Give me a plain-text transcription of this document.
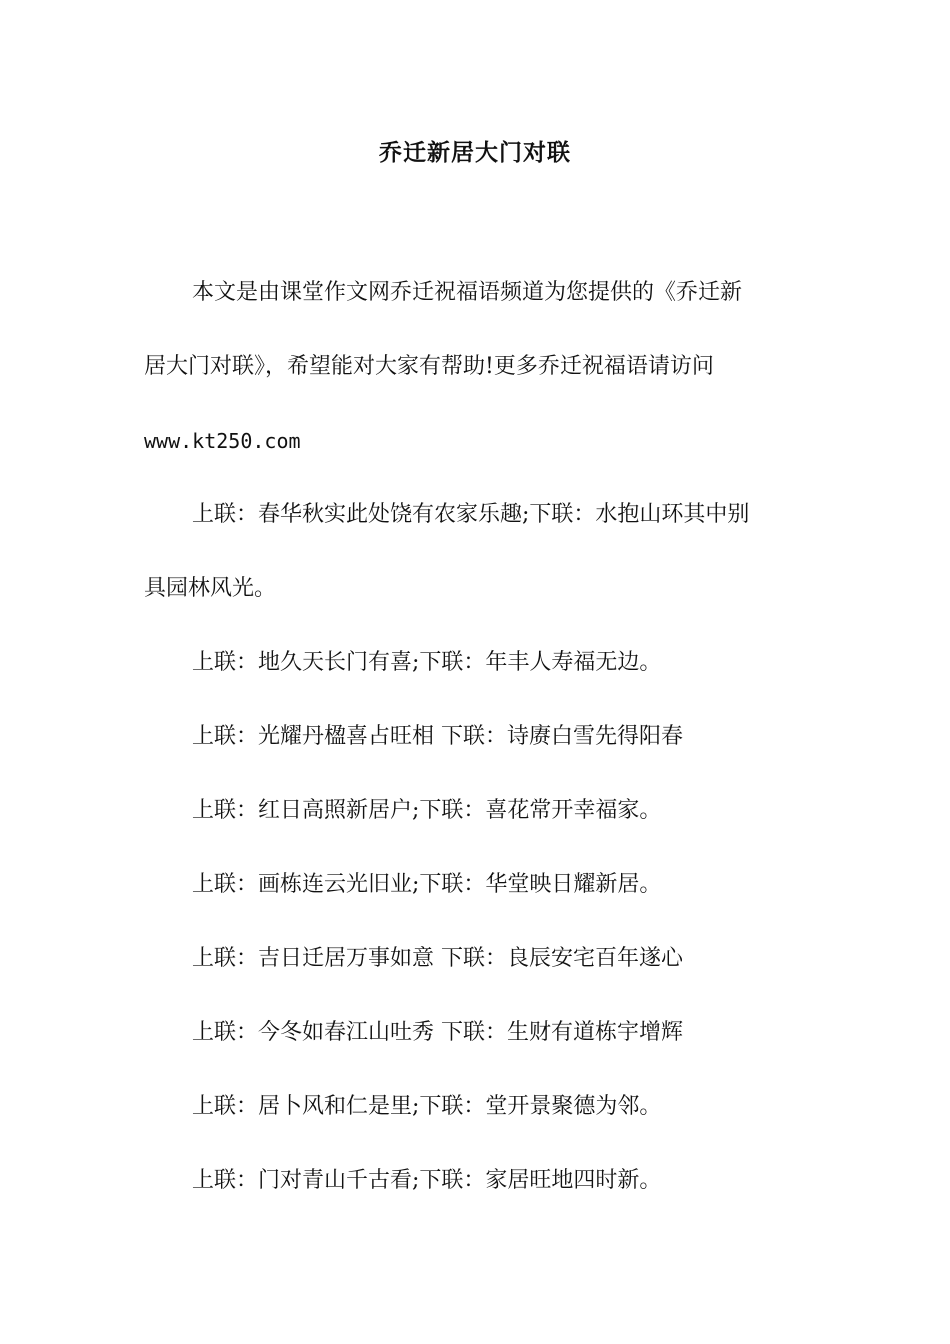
乔迁新居大门对联
本文是由课堂作文网乔迁祝福语频道为您提供的《乔迁新
居大门对联》，希望能对大家有帮助!更多乔迁祝福语请访问
www.kt250.com
上联：春华秋实此处饶有农家乐趣;下联：水抱山环其中别
具园林风光。
上联：地久天长门有喜;下联：年丰人寿福无边。
上联：光耀丹楹喜占旺相 下联：诗赓白雪先得阳春
上联：红日高照新居户;下联：喜花常开幸福家。
上联：画栋连云光旧业;下联：华堂映日耀新居。
上联：吉日迁居万事如意 下联：良辰安宅百年遂心
上联：今冬如春江山吐秀 下联：生财有道栋宇增辉
上联：居卜风和仁是里;下联：堂开景聚德为邻。
上联：门对青山千古看;下联：家居旺地四时新。
